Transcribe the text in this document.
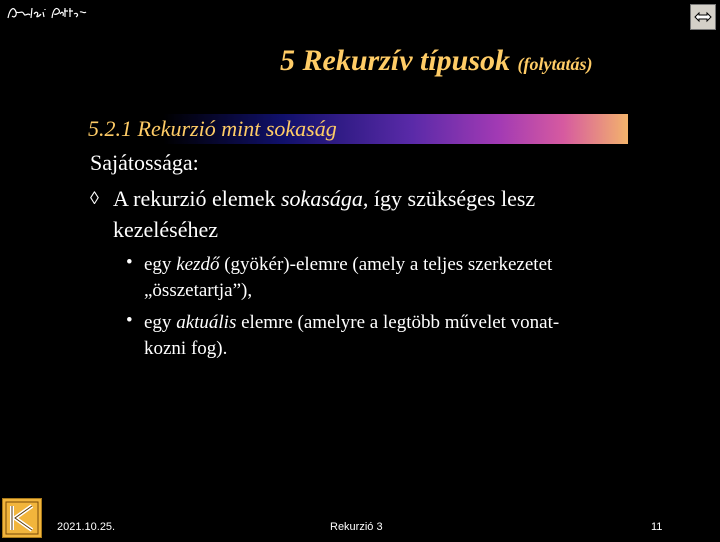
5 Rekurzív típusok (folytatás)
5.2.1 Rekurzió mint sokaság
Sajátossága:
◊ A rekurzió elemek sokasága, így szükséges lesz
kezeléséhez
• egy kezdő (gyökér)-elemre (amely a teljes szerkezetet
„összetartja”),
• egy aktuális elemre (amelyre a legtöbb művelet vonat-
kozni fog).
2021.10.25.	Rekurzió 3	11
